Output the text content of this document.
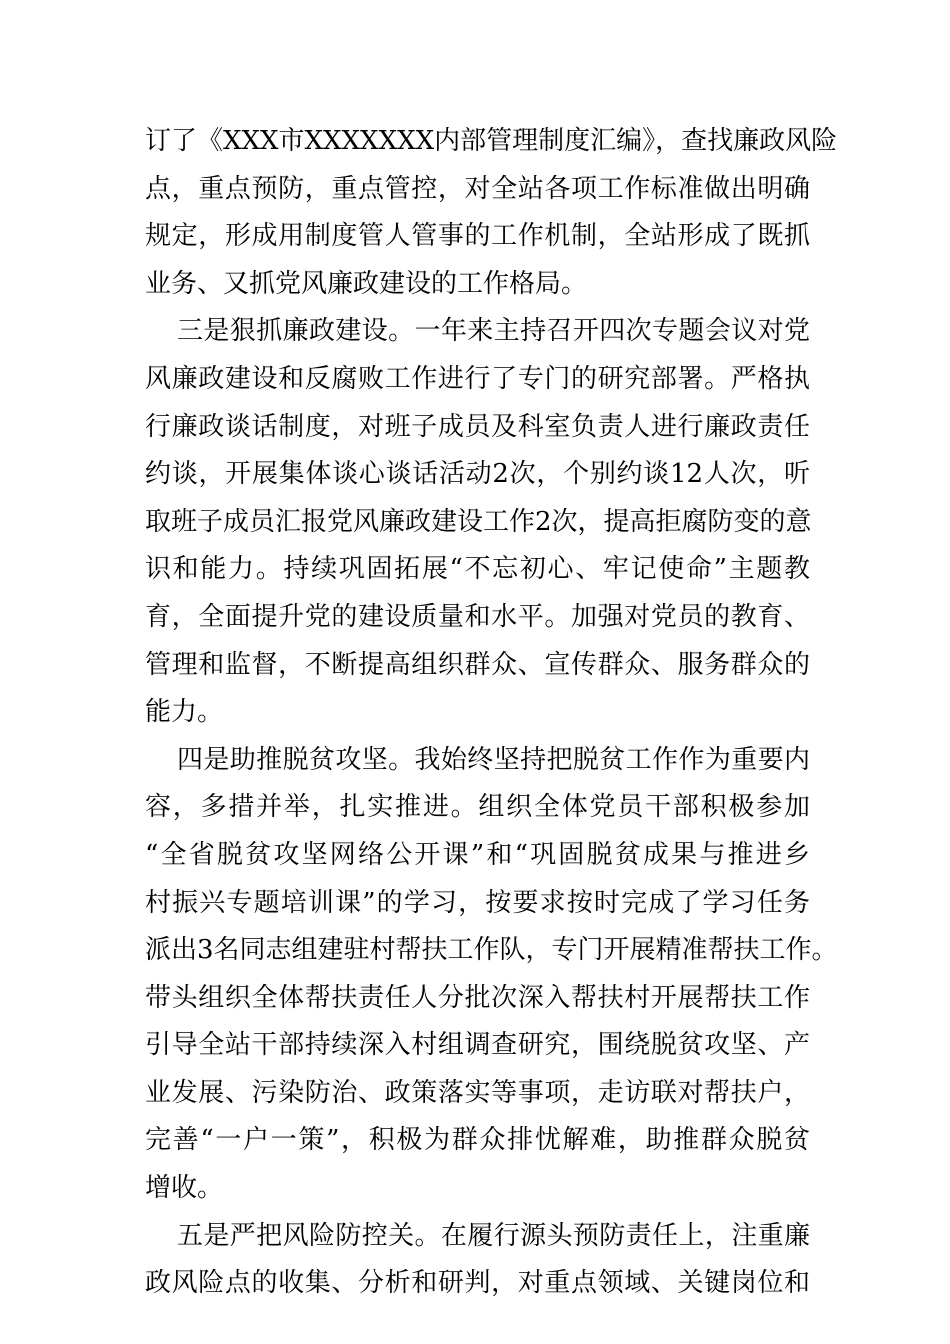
订了《XXX市XXXXXXX内部管理制度汇编》，查找廉政风险
点，重点预防，重点管控，对全站各项工作标准做出明确
规定，形成用制度管人管事的工作机制，全站形成了既抓
业务、又抓党风廉政建设的工作格局。
三是狠抓廉政建设。一年来主持召开四次专题会议对党
风廉政建设和反腐败工作进行了专门的研究部署。严格执
行廉政谈话制度，对班子成员及科室负责人进行廉政责任
约谈，开展集体谈心谈话活动2次，个别约谈12人次，听
取班子成员汇报党风廉政建设工作2次，提高拒腐防变的意
识和能力。持续巩固拓展“不忘初心、牢记使命”主题教
育，全面提升党的建设质量和水平。加强对党员的教育、
管理和监督，不断提高组织群众、宣传群众、服务群众的
能力。
四是助推脱贫攻坚。我始终坚持把脱贫工作作为重要内
容，多措并举，扎实推进。组织全体党员干部积极参加
“全省脱贫攻坚网络公开课”和“巩固脱贫成果与推进乡
村振兴专题培训课”的学习，按要求按时完成了学习任务
派出3名同志组建驻村帮扶工作队，专门开展精准帮扶工作。
带头组织全体帮扶责任人分批次深入帮扶村开展帮扶工作
引导全站干部持续深入村组调查研究，围绕脱贫攻坚、产
业发展、污染防治、政策落实等事项，走访联对帮扶户，
完善“一户一策”，积极为群众排忧解难，助推群众脱贫
增收。
五是严把风险防控关。在履行源头预防责任上，注重廉
政风险点的收集、分析和研判，对重点领域、关键岗位和
